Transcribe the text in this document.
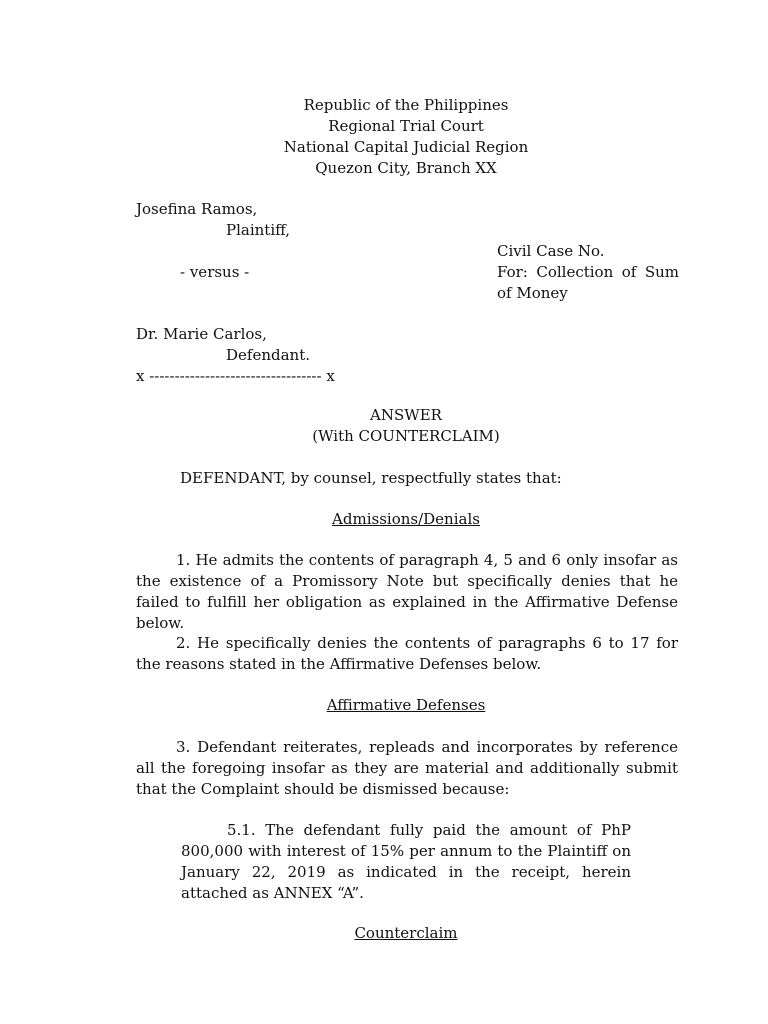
Republic of the Philippines

Regional Trial Court

National Capital Judicial Region

Quezon City, Branch XX

Josefina Ramos,

Plaintiff,

Civil Case No.

- versus -	For: Collection of Sum

of Money

Dr. Marie Carlos,

Defendant.

x ---------------------------------- x

ANSWER

(With COUNTERCLAIM)

DEFENDANT, by counsel, respectfully states that:

Admissions/Denials

1. He admits the contents of paragraph 4, 5 and 6 only insofar as the existence of a Promissory Note but specifically denies that he failed to fulfill her obligation as explained in the Affirmative Defense below.

2. He specifically denies the contents of paragraphs 6 to 17 for the reasons stated in the Affirmative Defenses below.

Affirmative Defenses

3. Defendant reiterates, repleads and incorporates by reference all the foregoing insofar as they are material and additionally submit that the Complaint should be dismissed because:

5.1. The defendant fully paid the amount of PhP 800,000 with interest of 15% per annum to the Plaintiff on January 22, 2019 as indicated in the receipt, herein attached as ANNEX “A”.

Counterclaim
